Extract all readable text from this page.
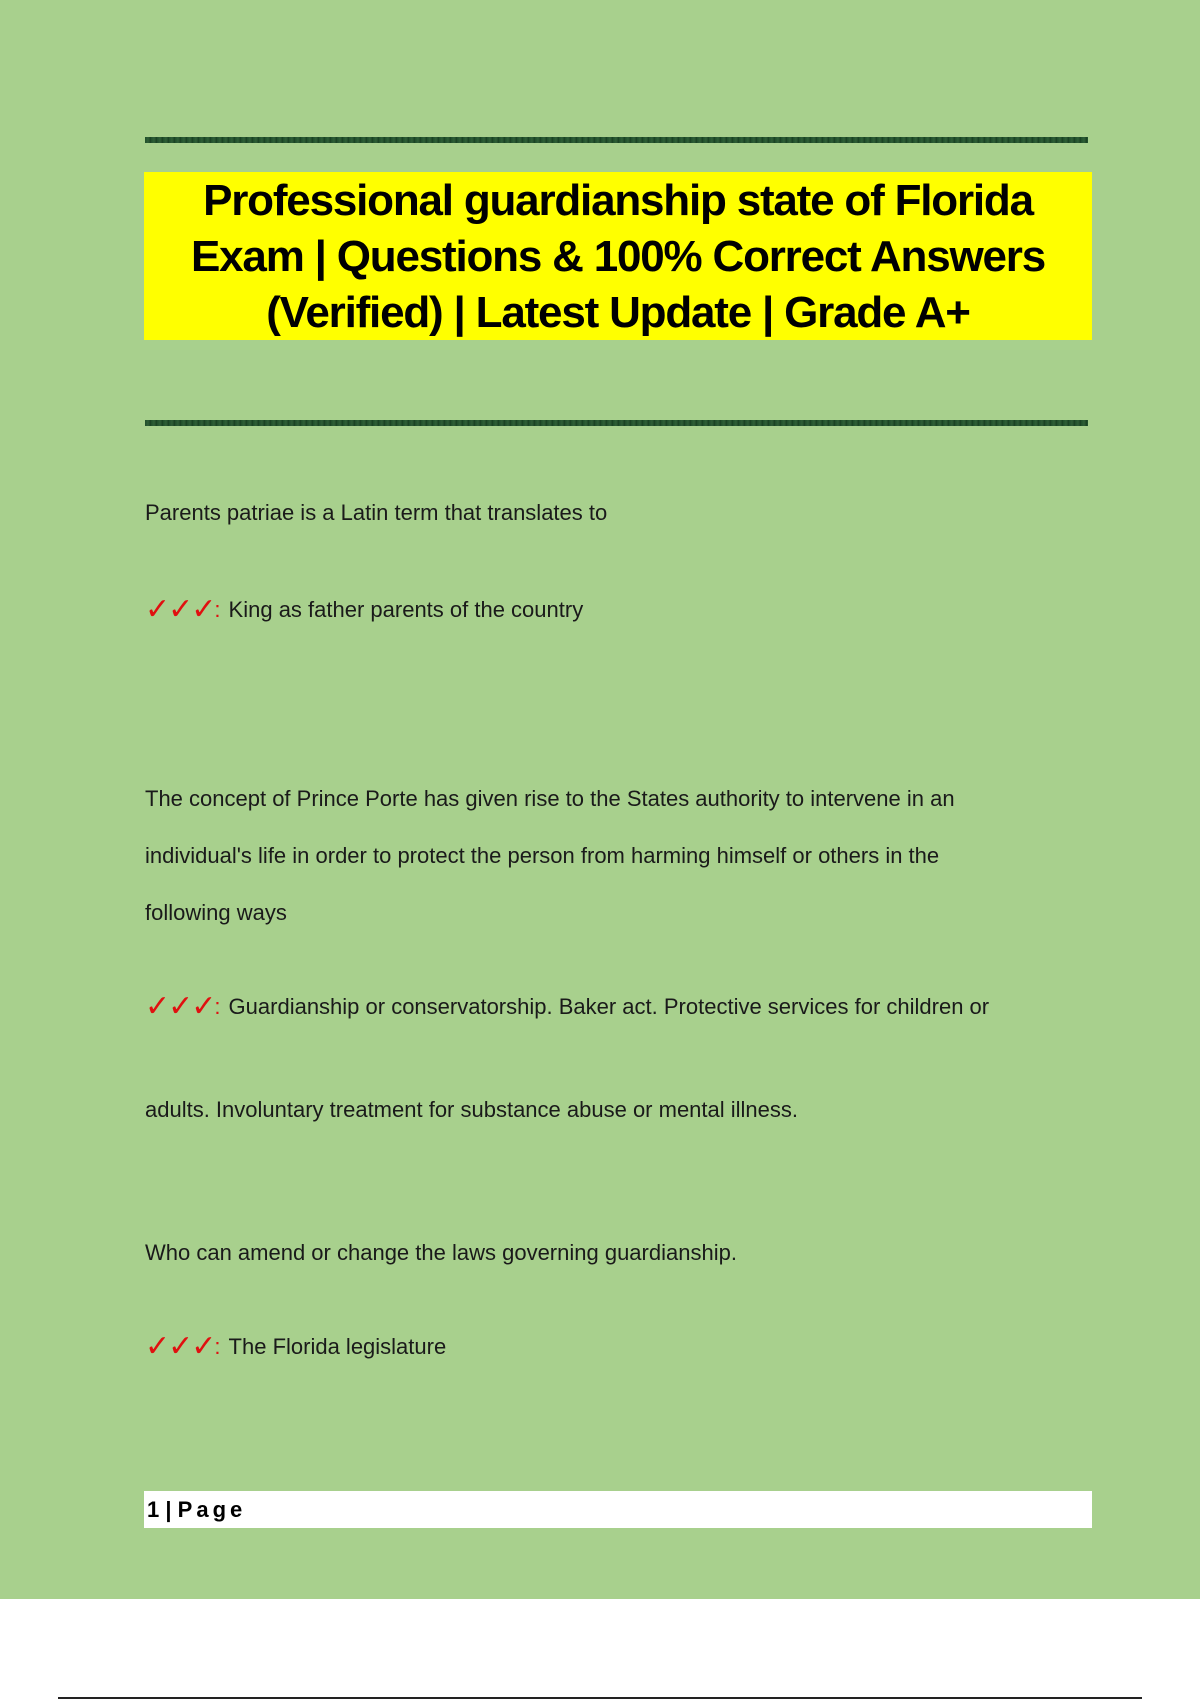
Professional guardianship state of Florida
Exam | Questions & 100% Correct Answers
(Verified) | Latest Update | Grade A+
Parents patriae is a Latin term that translates to
✓✓✓: King as father parents of the country
The concept of Prince Porte has given rise to the States authority to intervene in an
individual's life in order to protect the person from harming himself or others in the
following ways
✓✓✓: Guardianship or conservatorship. Baker act. Protective services for children or
adults. Involuntary treatment for substance abuse or mental illness.
Who can amend or change the laws governing guardianship.
✓✓✓: The Florida legislature
1 | Page
